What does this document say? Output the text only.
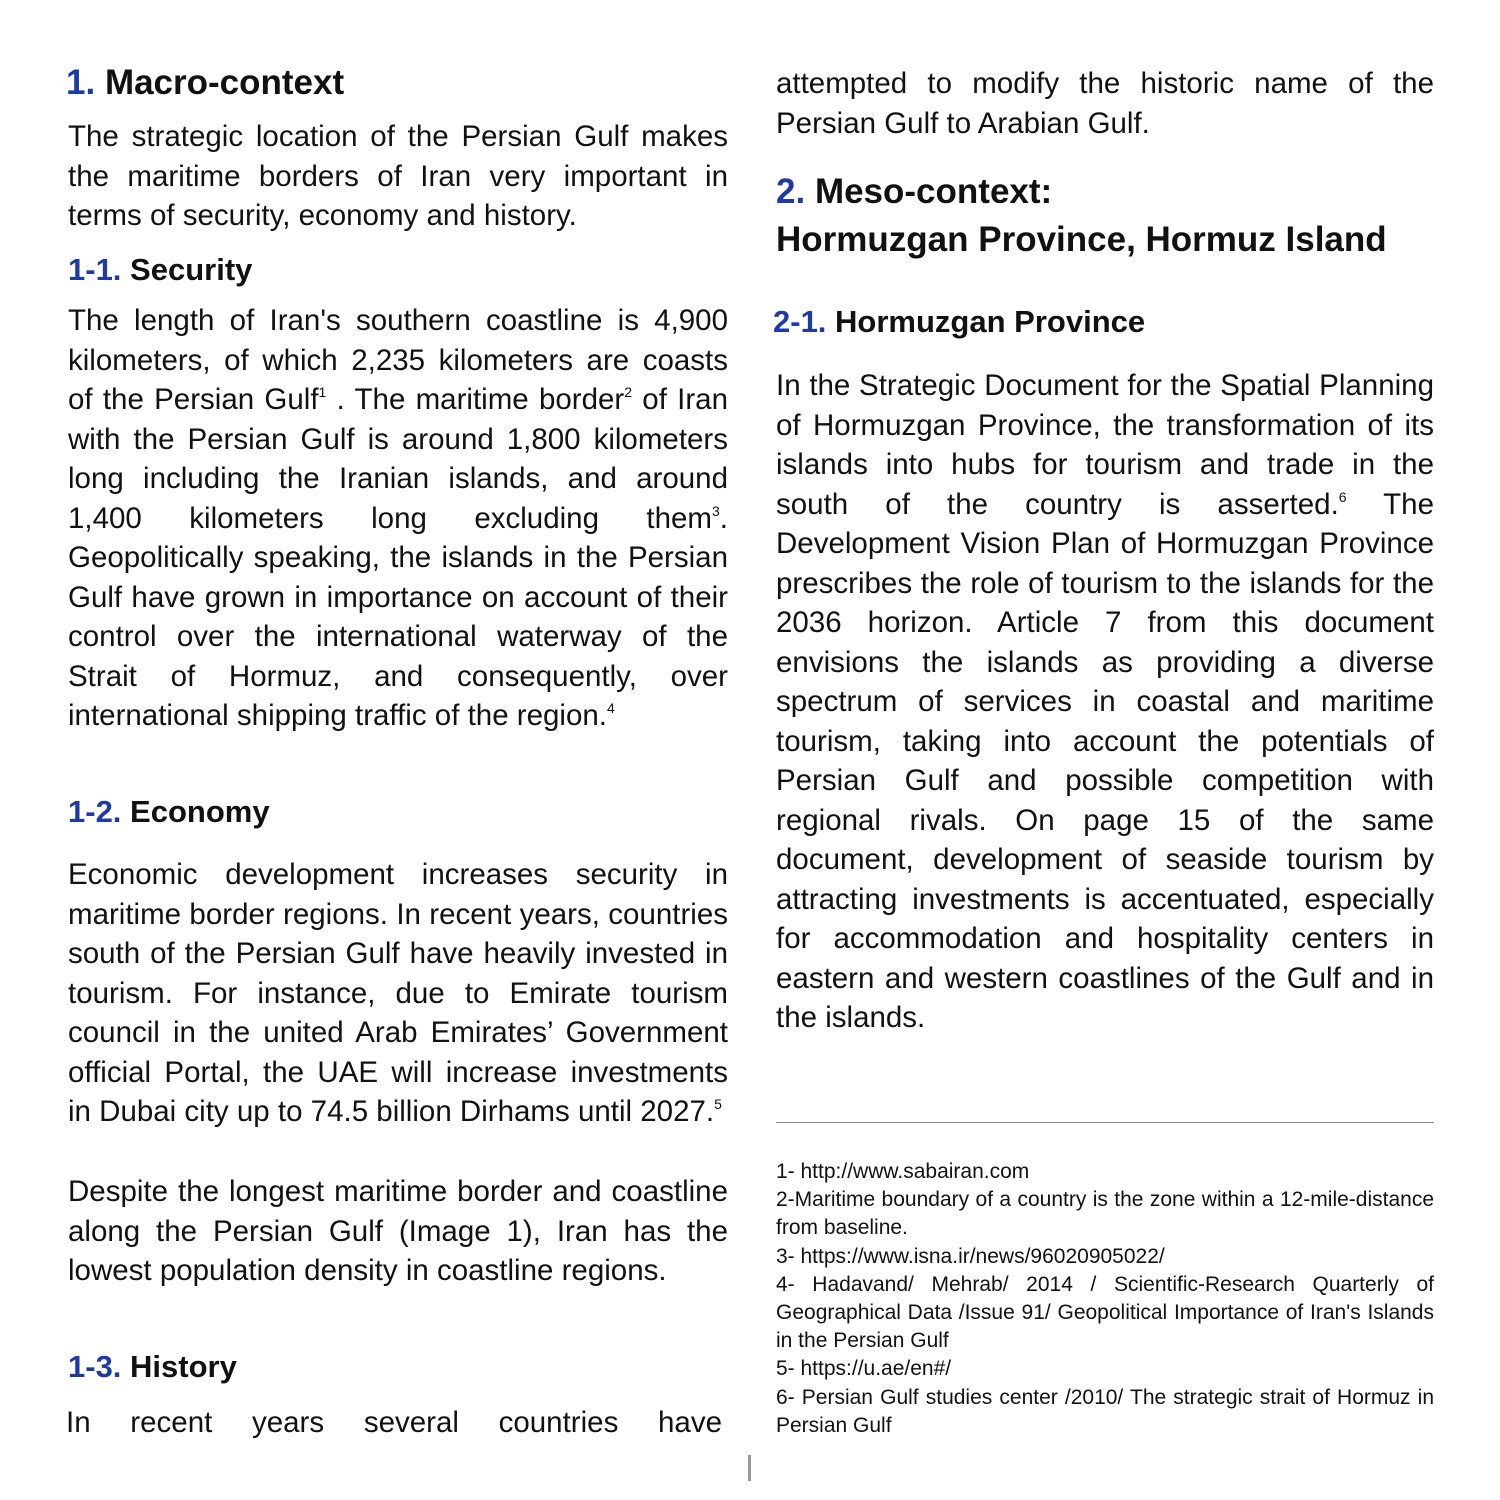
1. Macro-context

The strategic location of the Persian Gulf makes the maritime borders of Iran very important in terms of security, economy and history.

1-1. Security

The length of Iran's southern coastline is 4,900 kilometers, of which 2,235 kilometers are coasts of the Persian Gulf$^1$ . The maritime border$^2$ of Iran with the Persian Gulf is around 1,800 kilometers long including the Iranian islands, and around 1,400 kilometers long excluding them$^3$. Geopolitically speaking, the islands in the Persian Gulf have grown in importance on account of their control over the international waterway of the Strait of Hormuz, and consequently, over international shipping traffic of the region.$^4$

1-2. Economy

Economic development increases security in maritime border regions. In recent years, countries south of the Persian Gulf have heavily invested in tourism. For instance, due to Emirate tourism council in the united Arab Emirates’ Government official Portal, the UAE will increase investments in Dubai city up to 74.5 billion Dirhams until 2027.$^5$

Despite the longest maritime border and coastline along the Persian Gulf (Image 1), Iran has the lowest population density in coastline regions.

1-3. History

In recent years several countries have

attempted to modify the historic name of the Persian Gulf to Arabian Gulf.

2. Meso-context:
Hormuzgan Province, Hormuz Island
2-1. Hormuzgan Province

In the Strategic Document for the Spatial Planning of Hormuzgan Province, the transformation of its islands into hubs for tourism and trade in the south of the country is asserted.$^6$ The Development Vision Plan of Hormuzgan Province prescribes the role of tourism to the islands for the 2036 horizon. Article 7 from this document envisions the islands as providing a diverse spectrum of services in coastal and maritime tourism, taking into account the potentials of Persian Gulf and possible competition with regional rivals. On page 15 of the same document, development of seaside tourism by attracting investments is accentuated, especially for accommodation and hospitality centers in eastern and western coastlines of the Gulf and in the islands.

1- http://www.sabairan.com
2-Maritime boundary of a country is the zone within a 12-mile-distance from baseline.
3- https://www.isna.ir/news/96020905022/
4- Hadavand/ Mehrab/ 2014 / Scientific-Research Quarterly of Geographical Data /Issue 91/ Geopolitical Importance of Iran's Islands in the Persian Gulf
5- https://u.ae/en#/
6- Persian Gulf studies center /2010/ The strategic strait of Hormuz in Persian Gulf
